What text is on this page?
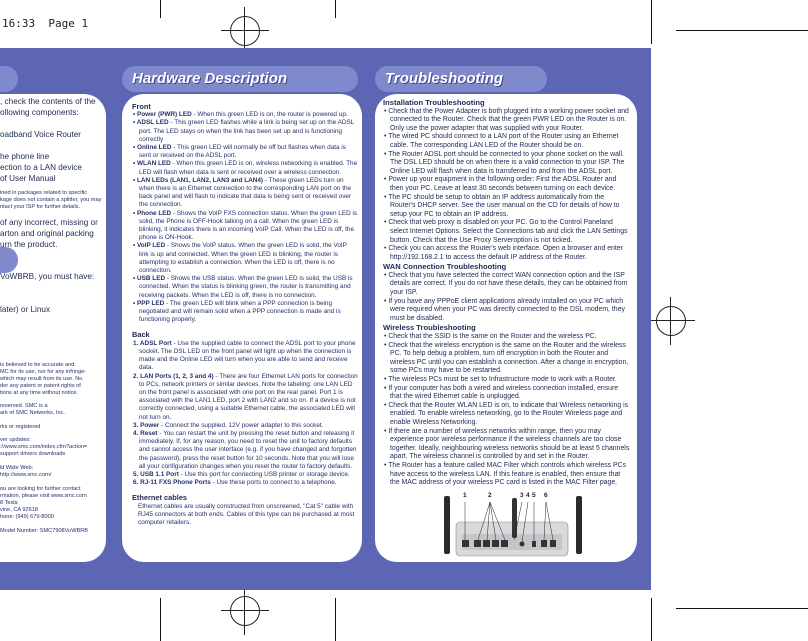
16:33  Page 1

, check the contents of the

ollowing components:

oadband Voice Router

he phone line

ection to a LAN device

of User Manual

ined in packages related to specific

kage does not contain a splitter, you may

ntact your ISP for further details.

of any incorrect, missing or

arton and original packing

urn the product.

VoWBRB, you must have:

later) or Linux

is believed to be accurate and

MC for its use, nor for any infringe-

which may result from its use. No

der any patent or patent rights of

tions at any time without notice.

reserved. SMC is a

ark of SMC Networks, Inc.

rks or registered

ver updates:

://www.smc.com/index.cfm?action=

support drivers downloads

ld Wide Web:

http://www.smc.com/

ou are looking for further contact

rmation, please visit www.smc.com

8 Tesla

vine, CA 92618

hone: (949) 679-8000

Model Number: SMC7908VoWBRB

Hardware Description

Front

• Power (PWR) LED - When this green LED is on, the router is powered up.

• ADSL LED - This green LED flashes while a link is being set up on the ADSL port. The LED stays on when the link has been set up and is functioning correctly

• Online LED - This green LED will normally be off but flashes when data is sent or received on the ADSL port.

• WLAN LED - When this green LED is on, wireless networking is enabled. The LED will flash when data is sent or received over a wireless connection.

• LAN LEDs (LAN1, LAN2, LAN3 and LAN4) - These green LEDs turn on when there is an Ethernet connection to the corresponding LAN port on the back panel and will flash to indicate that data is being sent or received over the connection.

• Phone LED - Shows the VoIP FXS connection status. When the green LED is solid, the Phone is OFF-Hook talking on a call. When the green LED is blinking, it indicates there is an incoming VoIP Call. When the LED is off, the phone is ON-Hook.

• VoIP LED - Shows the VoIP status. When the green LED is solid, the VoIP link is up and connected. When the green LED is blinking, the router is attempting to establish a connection. When the LED is off, there is no connection.

• USB LED - Shows the USB status. When the green LED is solid, the USB is connected. When the status is blinking green, the router is transmitting and receiving packets. When the LED is off, there is no connection.

• PPP LED - The green LED will blink when a PPP connection is being negotiated and will remain solid when a PPP connection is made and is functioning properly.

Back

1. ADSL Port - Use the supplied cable to connect the ADSL port to your phone socket. The DSL LED on the front panel will light up when the connection is made and the Online LED will turn when you are able to send and receive data.

2. LAN Ports (1, 2, 3 and 4) - There are four Ethernet LAN ports for connection to PCs, network printers or similar devices. Note the labeling: one LAN LED on the front panel is associated with one port on the rear panel. Port 1 is associated with the LAN1 LED, port 2 with LAN2 and so on. If a device is not correctly connected, using a suitable Ethernet cable, the associated LED will not turn on.

3. Power - Connect the supplied, 12V power adapter to this socket.

4. Reset - You can restart the unit by pressing the reset button and releasing it immediately. If, for any reason, you need to reset the unit to factory defaults and cannot access the user interface (e.g. if you have changed and forgotten the password), press the reset button for 10 seconds. Note that you will lose all your configuration changes when you reset the router to factory defaults.

5. USB 1.1 Port - Use this port for connecting USB printer or storage device.

6. RJ-11 FXS Phone Ports - Use these ports to connect to a telephone.

Ethernet cables

Ethernet cables are usually constructed from unscreened, "Cat 5" cable with RJ45 connectors at both ends. Cables of this type can be purchased at most computer retailers.

Troubleshooting

Installation Troubleshooting

• Check that the Power Adapter is both plugged into a working power socket and connected to the Router. Check that the green PWR LED on the Router is on. Only use the power adapter that was supplied with your Router.

• The wired PC should connect to a LAN port of the Router using an Ethernet cable. The corresponding LAN LED of the Router should be on.

• The Router ADSL port should be connected to your phone socket on the wall. The DSL LED should be on when there is a valid connection to your ISP. The Online LED will flash when data is transferred to and from the ADSL port.

• Power up your equipment in the following order: First the ADSL Router and then your PC. Leave at least 30 seconds between turning on each device.

• The PC should be setup to obtain an IP address automatically from the Router's DHCP server. See the user manual on the CD for details of how to setup your PC to obtain an IP address.

• Check that web proxy is disabled on your PC. Go to the Control Paneland select Internet Options. Select the Connections tab and click the LAN Settings button. Check that the Use Proxy Serveroption is not ticked.

• Check you can access the Router's web interface. Open a browser and enter http://192.168.2.1 to access the default IP address of the Router.

WAN Connection Troubleshooting

• Check that you have selected the correct WAN connection option and the ISP details are correct. If you do not have these details, they can be obtained from your ISP.

• If you have any PPPoE client applications already installed on your PC which were required when your PC was directly connected to the DSL modem, they must be disabled.

Wireless Troubleshooting

• Check that the SSID is the same on the Router and the wireless PC.

• Check that the wireless encryption is the same on the Router and the wireless PC. To help debug a problem, turn off encryption in both the Router and wireless PC until you can establish a connection. After a change in encryption, some PCs may have to be restarted.

• The wireless PCs must be set to Infrastructure mode to work with a Router.

• If your computer has both a wired and wireless connection installed, ensure that the wired Ethernet cable is unplugged.

• Check that the Router WLAN LED is on, to indicate that Wireless networking is enabled. To enable wireless networking, go to the Router Wireless page and enable Wireless Networking.

• If there are a number of wireless networks within range, then you may experience poor wireless performance if the wireless channels are too close together. Ideally, neighbouring wireless networks should be at least 5 channels apart. The wireless channel is controlled by and set in the Router.

• The Router has a feature called MAC Filter which controls which wireless PCs have access to the wireless LAN. If this feature is enabled, then ensure that the MAC address of your wireless PC card is listed in the MAC Filter page.

1	2	3 4 5 6
